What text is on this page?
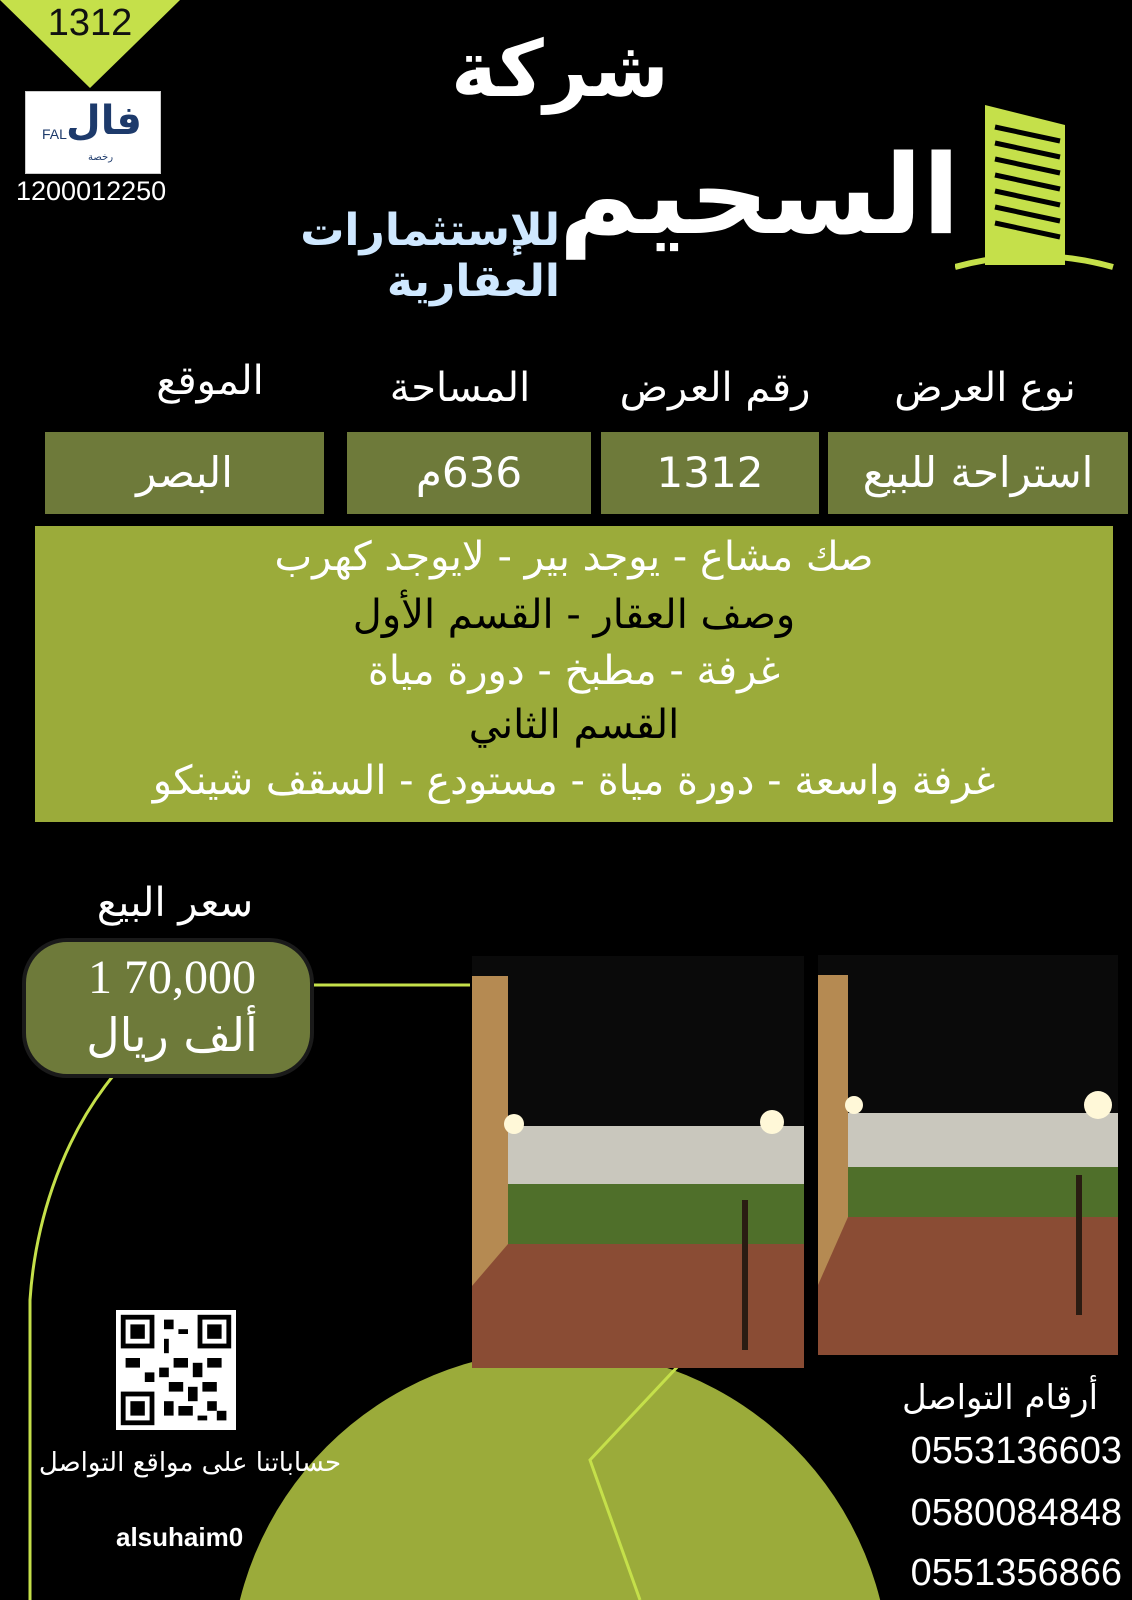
1312
FAL فال
رخصة
1200012250
شركة
السحيم
للإستثمارات العقارية
نوع العرض
رقم العرض
المساحة
الموقع
استراحة للبيع
1312
636م
البصر
صك مشاع - يوجد بير - لايوجد كهرب
وصف العقار - القسم الأول
غرفة - مطبخ - دورة مياة
القسم الثاني
غرفة واسعة - دورة مياة - مستودع - السقف شينكو
سعر البيع
1 70,000
ألف ريال
حساباتنا على مواقع التواصل
alsuhaim0
أرقام التواصل
0553136603
0580084848
0551356866
